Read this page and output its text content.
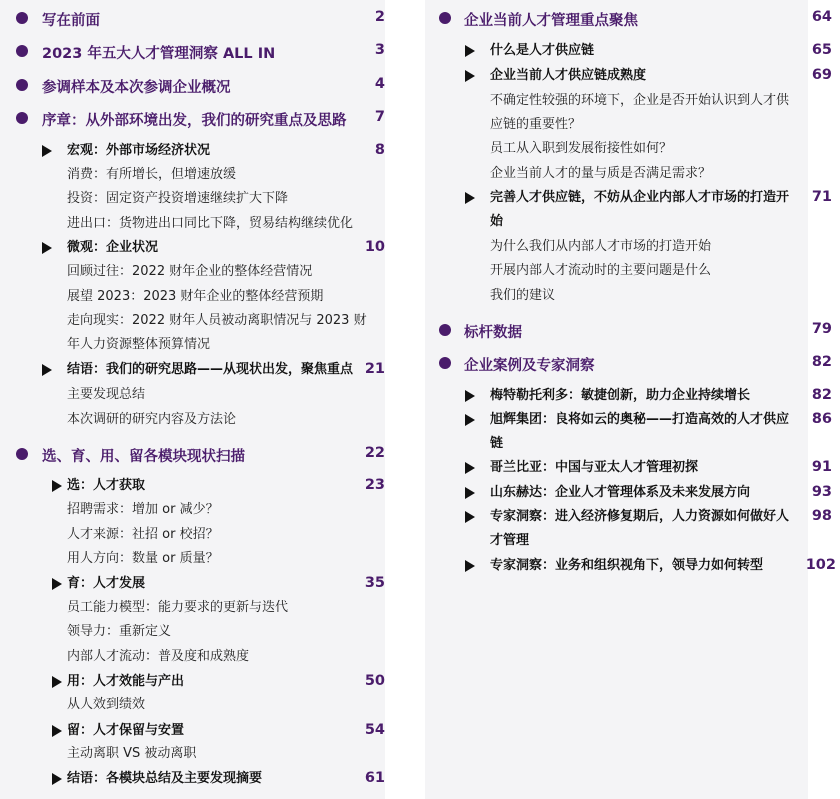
写在前面	2
2023 年五大人才管理洞察 ALL IN	3
参调样本及本次参调企业概况	4
序章：从外部环境出发，我们的研究重点及思路 7
宏观：外部市场经济状况	8
消费：有所增长，但增速放缓
投资：固定资产投资增速继续扩大下降
进出口：货物进出口同比下降，贸易结构继续优化
微观：企业状况	10
回顾过往：2022 财年企业的整体经营情况
展望 2023：2023 财年企业的整体经营预期
走向现实：2022 财年人员被动离职情况与 2023 财年人力资源整体预算情况
结语：我们的研究思路——从现状出发，聚焦重点 21
主要发现总结
本次调研的研究内容及方法论
选、育、用、留各模块现状扫描	22
选：人才获取	23
招聘需求：增加 or 减少？
人才来源：社招 or 校招？
用人方向：数量 or 质量？
育：人才发展	35
员工能力模型：能力要求的更新与迭代
领导力：重新定义
内部人才流动：普及度和成熟度
用：人才效能与产出	50
从人效到绩效
留：人才保留与安置	54
主动离职 VS 被动离职
结语：各模块总结及主要发现摘要	61
企业当前人才管理重点聚焦	64
什么是人才供应链	65
企业当前人才供应链成熟度	69
不确定性较强的环境下，企业是否开始认识到人才供应链的重要性？
员工从入职到发展衔接性如何？
企业当前人才的量与质是否满足需求？
完善人才供应链，不妨从企业内部人才市场的打造开始
71
为什么我们从内部人才市场的打造开始
开展内部人才流动时的主要问题是什么
我们的建议
标杆数据	79
企业案例及专家洞察	82
梅特勒托利多：敏捷创新，助力企业持续增长	82
旭辉集团：良将如云的奥秘——打造高效的人才供应链
86
哥兰比亚：中国与亚太人才管理初探	91
山东赫达：企业人才管理体系及未来发展方向	93
专家洞察：进入经济修复期后，人力资源如何做好人才管理
98
专家洞察：业务和组织视角下，领导力如何转型	102
